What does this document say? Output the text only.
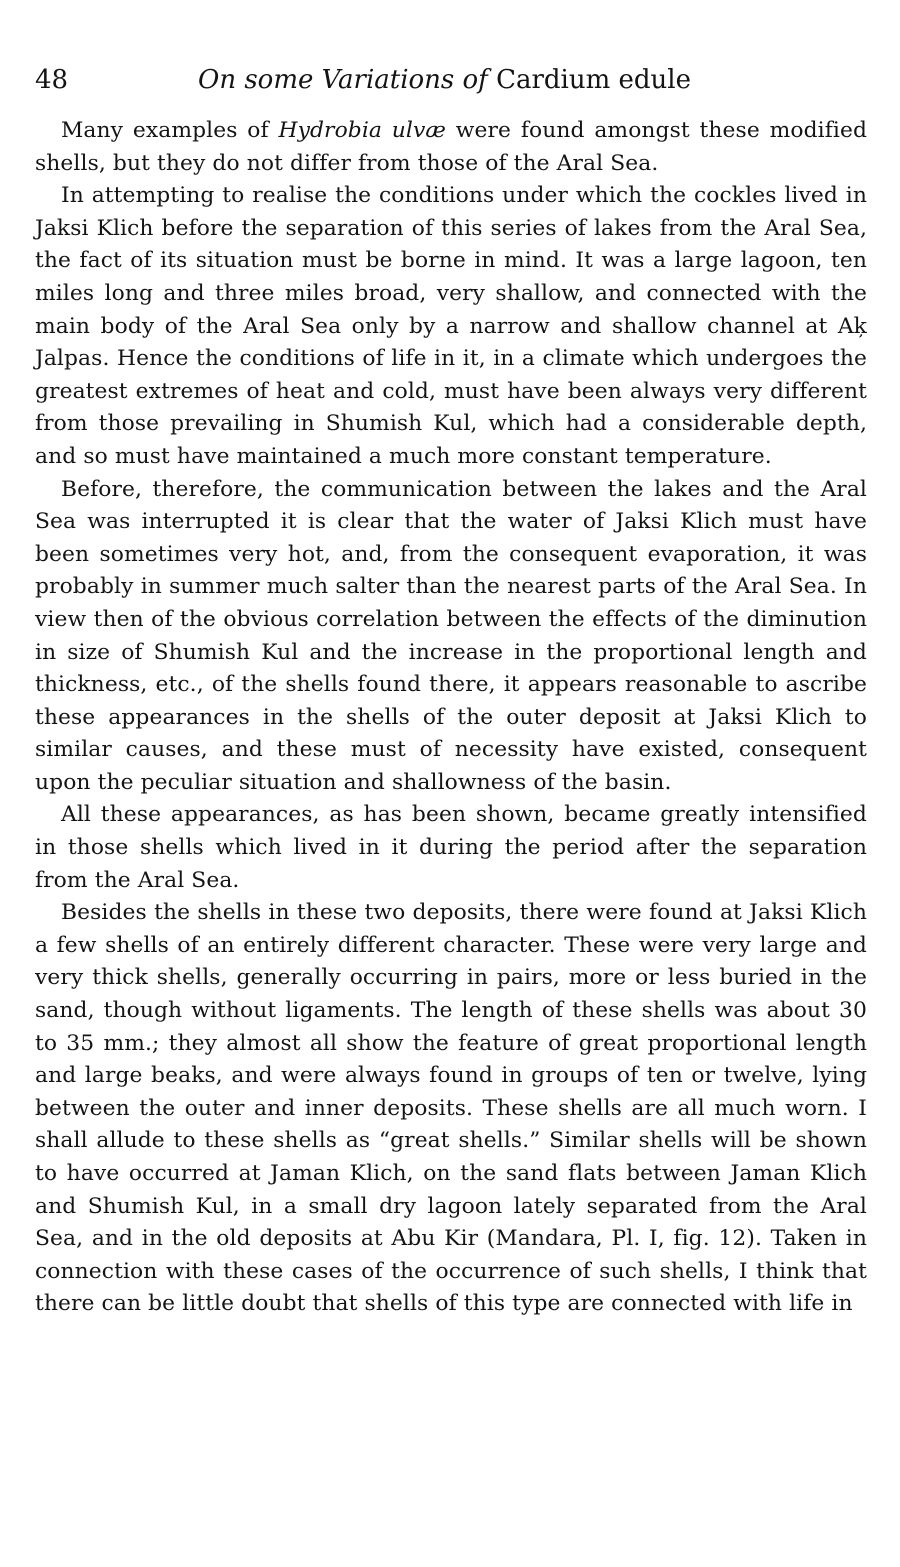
48	On some Variations of Cardium edule

Many examples of Hydrobia ulvæ were found amongst these modified shells, but they do not differ from those of the Aral Sea.

In attempting to realise the conditions under which the cockles lived in Jaksi Klich before the separation of this series of lakes from the Aral Sea, the fact of its situation must be borne in mind. It was a large lagoon, ten miles long and three miles broad, very shallow, and connected with the main body of the Aral Sea only by a narrow and shallow channel at Aķ Jalpas. Hence the conditions of life in it, in a climate which undergoes the greatest extremes of heat and cold, must have been always very different from those prevailing in Shumish Kul, which had a considerable depth, and so must have maintained a much more constant temperature.

Before, therefore, the communication between the lakes and the Aral Sea was interrupted it is clear that the water of Jaksi Klich must have been sometimes very hot, and, from the consequent evaporation, it was probably in summer much salter than the nearest parts of the Aral Sea. In view then of the obvious correlation between the effects of the diminution in size of Shumish Kul and the increase in the proportional length and thickness, etc., of the shells found there, it appears reasonable to ascribe these appearances in the shells of the outer deposit at Jaksi Klich to similar causes, and these must of necessity have existed, consequent upon the peculiar situation and shallowness of the basin.

All these appearances, as has been shown, became greatly intensified in those shells which lived in it during the period after the separation from the Aral Sea.

Besides the shells in these two deposits, there were found at Jaksi Klich a few shells of an entirely different character. These were very large and very thick shells, generally occurring in pairs, more or less buried in the sand, though without ligaments. The length of these shells was about 30 to 35 mm.; they almost all show the feature of great proportional length and large beaks, and were always found in groups of ten or twelve, lying between the outer and inner deposits. These shells are all much worn. I shall allude to these shells as “great shells.” Similar shells will be shown to have occurred at Jaman Klich, on the sand flats between Jaman Klich and Shumish Kul, in a small dry lagoon lately separated from the Aral Sea, and in the old deposits at Abu Kir (Mandara, Pl. I, fig. 12). Taken in connection with these cases of the occurrence of such shells, I think that there can be little doubt that shells of this type are connected with life in
